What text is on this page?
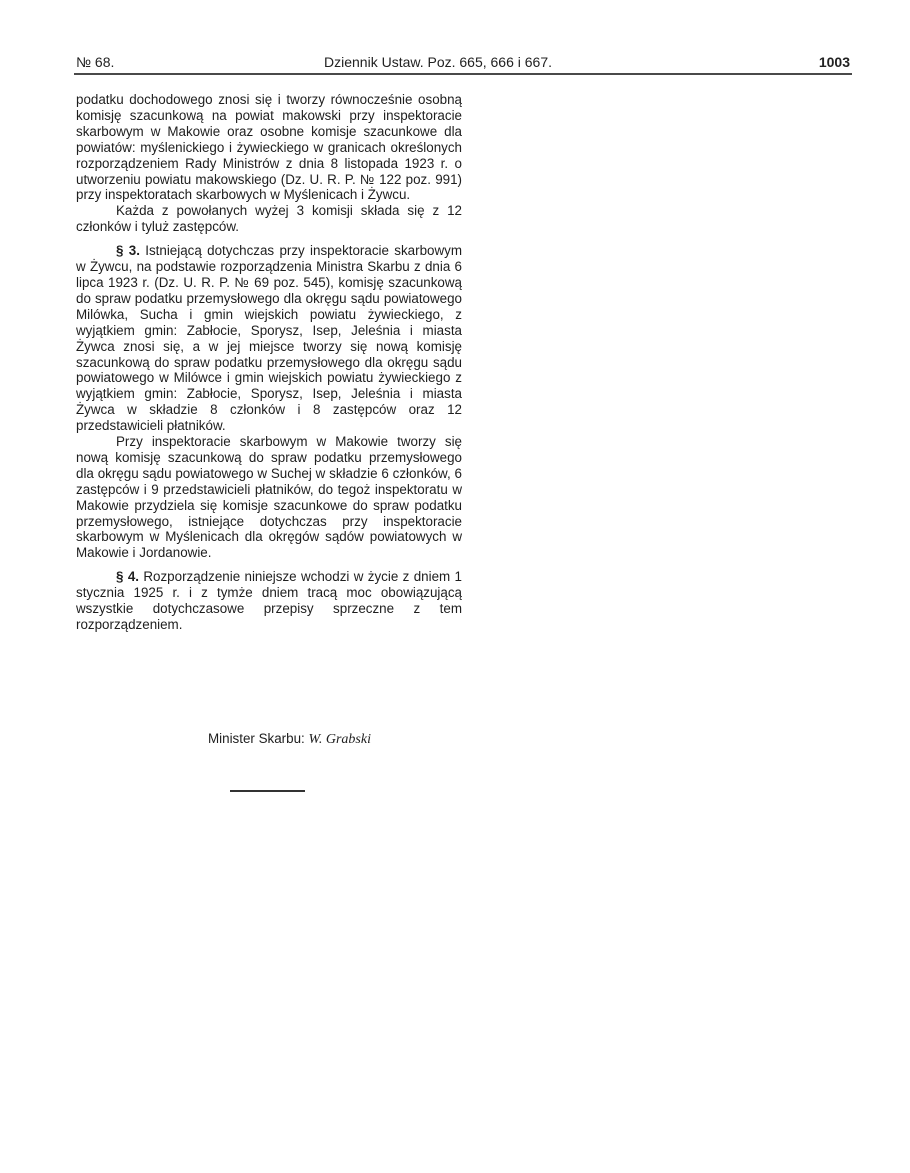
№ 68.	Dziennik Ustaw. Poz. 665, 666 i 667.	1003

podatku dochodowego znosi się i tworzy równocześnie osobną komisję szacunkową na powiat makowski przy inspektoracie skarbowym w Makowie oraz osobne komisje szacunkowe dla powiatów: myślenickiego i żywieckiego w granicach określonych rozporządzeniem Rady Ministrów z dnia 8 listopada 1923 r. o utworzeniu powiatu makowskiego (Dz. U. R. P. № 122 poz. 991) przy inspektoratach skarbowych w Myślenicach i Żywcu.

Każda z powołanych wyżej 3 komisji składa się z 12 członków i tyluż zastępców.

§ 3. Istniejącą dotychczas przy inspektoracie skarbowym w Żywcu, na podstawie rozporządzenia Ministra Skarbu z dnia 6 lipca 1923 r. (Dz. U. R. P. № 69 poz. 545), komisję szacunkową do spraw podatku przemysłowego dla okręgu sądu powiatowego Milówka, Sucha i gmin wiejskich powiatu żywieckiego, z wyjątkiem gmin: Zabłocie, Sporysz, Isep, Jeleśnia i miasta Żywca znosi się, a w jej miejsce tworzy się nową komisję szacunkową do spraw podatku przemysłowego dla okręgu sądu powiatowego w Milówce i gmin wiejskich powiatu żywieckiego z wyjątkiem gmin: Zabłocie, Sporysz, Isep, Jeleśnia i miasta Żywca w składzie 8 członków i 8 zastępców oraz 12 przedstawicieli płatników.

Przy inspektoracie skarbowym w Makowie tworzy się nową komisję szacunkową do spraw podatku przemysłowego dla okręgu sądu powiatowego w Suchej w składzie 6 członków, 6 zastępców i 9 przedstawicieli płatników, do tegoż inspektoratu w Makowie przydziela się komisje szacunkowe do spraw podatku przemysłowego, istniejące dotychczas przy inspektoracie skarbowym w Myślenicach dla okręgów sądów powiatowych w Makowie i Jordanowie.

§ 4. Rozporządzenie niniejsze wchodzi w życie z dniem 1 stycznia 1925 r. i z tymże dniem tracą moc obowiązującą wszystkie dotychczasowe przepisy sprzeczne z tem rozporządzeniem.

Minister Skarbu: W. Grabski
